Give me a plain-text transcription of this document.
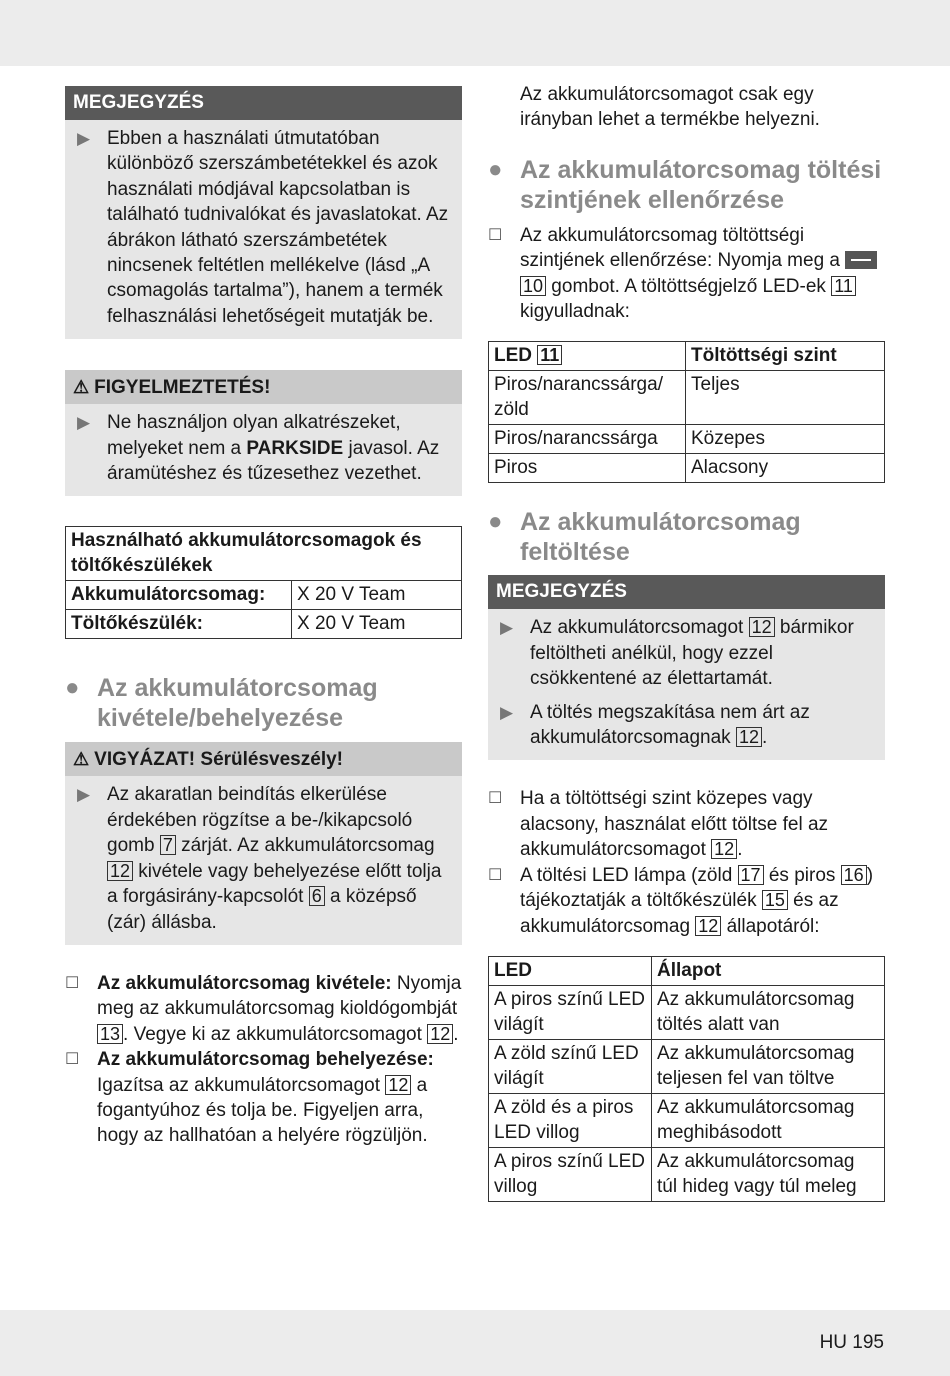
MEGJEGYZÉS
▶ Ebben a használati útmutatóban különböző szerszámbetétekkel és azok használati módjával kapcsolatban is található tudnivalókat és javaslatokat. Az ábrákon látható szerszámbetétek nincsenek feltétlen mellékelve (lásd „A csomagolás tartalma”), hanem a termék felhasználási lehetőségeit mutatják be.
⚠ FIGYELMEZTETÉS!
▶ Ne használjon olyan alkatrészeket, melyeket nem a PARKSIDE javasol. Az áramütéshez és tűzesethez vezethet.
Használható akkumulátorcsomagok és töltőkészülékek	
Akkumulátorcsomag:	X 20 V Team
Töltőkészülék:	X 20 V Team
● Az akkumulátorcsomag kivétele/behelyezése
⚠ VIGYÁZAT! Sérülésveszély!
▶ Az akaratlan beindítás elkerülése érdekében rögzítse a be-/kikapcsoló gomb 7 zárját. Az akkumulátorcsomag 12 kivétele vagy behelyezése előtt tolja a forgásirány-kapcsolót 6 a középső (zár) állásba.
☐ Az akkumulátorcsomag kivétele: Nyomja meg az akkumulátorcsomag kioldógombját 13 . Vegye ki az akkumulátorcsomagot 12 .
☐ Az akkumulátorcsomag behelyezése: Igazítsa az akkumulátorcsomagot 12 a fogantyúhoz és tolja be. Figyeljen arra, hogy az hallhatóan a helyére rögzüljön.
Az akkumulátorcsomagot csak egy irányban lehet a termékbe helyezni.
● Az akkumulátorcsomag töltési szintjének ellenőrzése
☐ Az akkumulátorcsomag töltöttségi szintjének ellenőrzése: Nyomja meg a  10 gombot. A töltöttségjelző LED-ek 11 kigyulladnak:
LED 11	Töltöttségi szint
Piros/narancssárga/ zöld	Teljes
Piros/narancssárga	Közepes
Piros	Alacsony
● Az akkumulátorcsomag feltöltése
MEGJEGYZÉS
▶ Az akkumulátorcsomagot 12 bármikor feltöltheti anélkül, hogy ezzel csökkentené az élettartamát.
▶ A töltés megszakítása nem árt az akkumulátorcsomagnak 12 .
☐ Ha a töltöttségi szint közepes vagy alacsony, használat előtt töltse fel az akkumulátorcsomagot 12 .
☐ A töltési LED lámpa (zöld 17 és piros 16 ) tájékoztatják a töltőkészülék 15 és az akkumulátorcsomag 12 állapotáról:
LED	Állapot
A piros színű LED világít	Az akkumulátorcsomag töltés alatt van
A zöld színű LED világít	Az akkumulátorcsomag teljesen fel van töltve
A zöld és a piros LED villog	Az akkumulátorcsomag meghibásodott
A piros színű LED villog	Az akkumulátorcsomag túl hideg vagy túl meleg
HU 195
